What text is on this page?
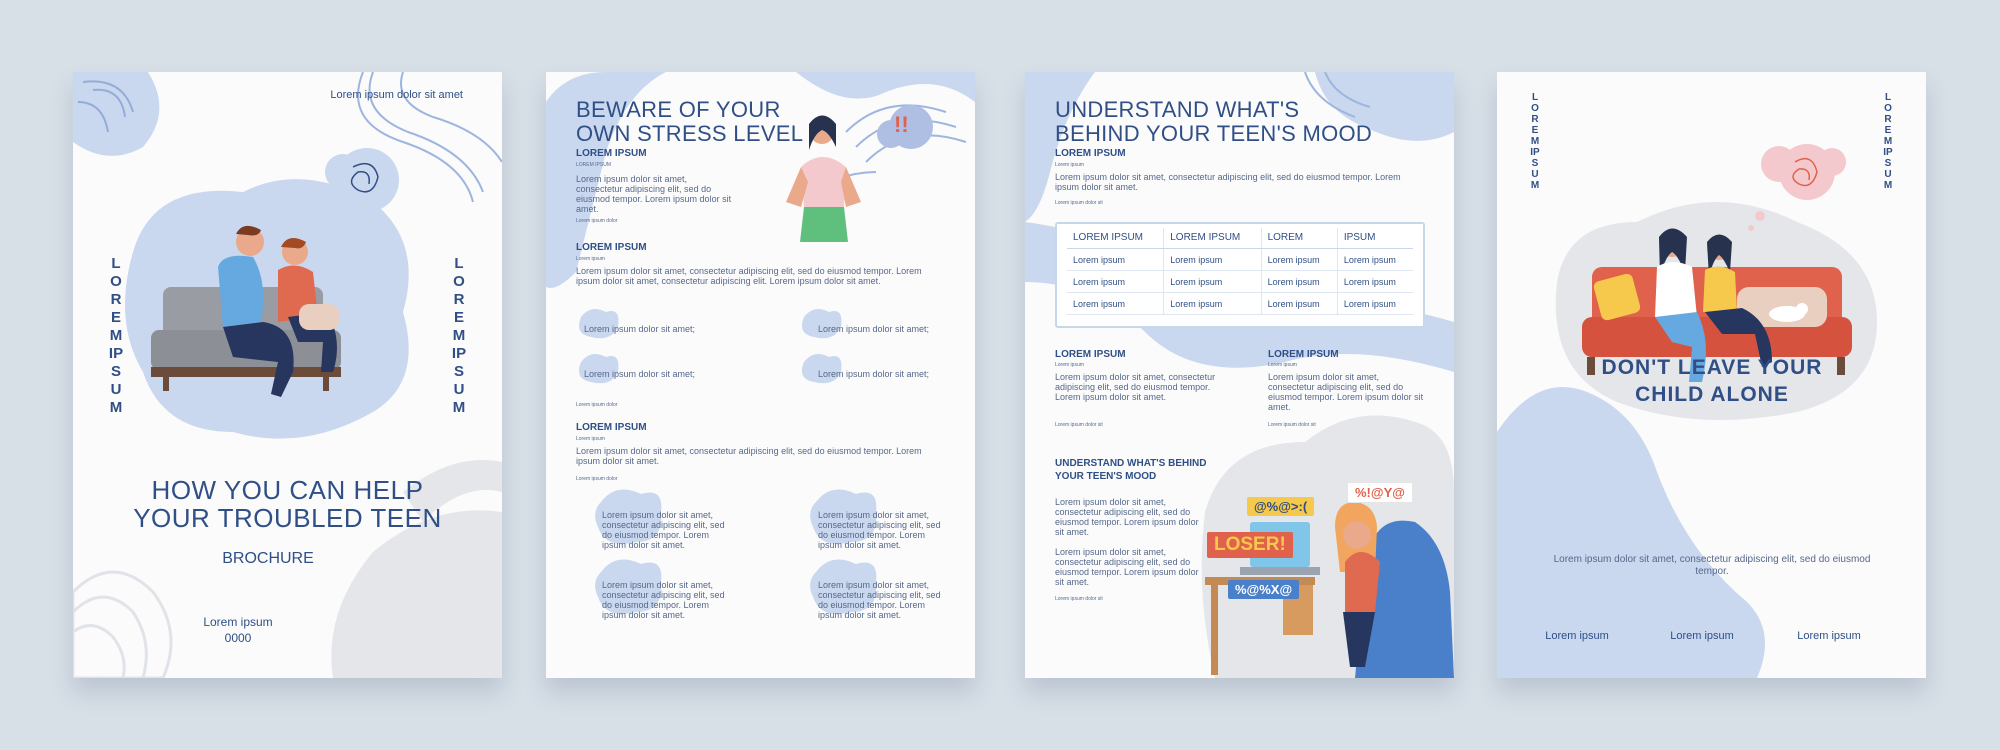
Lorem ipsum dolor sit amet
LOREM IPSUM
LOREM IPSUM
HOW YOU CAN HELP
YOUR TROUBLED TEEN
BROCHURE
Lorem ipsum
0000
!!
BEWARE OF YOUR
OWN STRESS LEVEL
LOREM IPSUM
LOREM IPSUM
Lorem ipsum dolor sit amet, consectetur adipiscing elit, sed do eiusmod tempor. Lorem ipsum dolor sit amet.
Lorem ipsum dolor
LOREM IPSUM
Lorem ipsum
Lorem ipsum dolor sit amet, consectetur adipiscing elit, sed do eiusmod tempor. Lorem ipsum dolor sit amet, consectetur adipiscing elit. Lorem ipsum dolor sit amet.
Lorem ipsum dolor sit amet;
Lorem ipsum dolor sit amet;
Lorem ipsum dolor sit amet;
Lorem ipsum dolor sit amet;
Lorem ipsum dolor
LOREM IPSUM
Lorem ipsum
Lorem ipsum dolor sit amet, consectetur adipiscing elit, sed do eiusmod tempor. Lorem ipsum dolor sit amet.
Lorem ipsum dolor
Lorem ipsum dolor sit amet, consectetur adipiscing elit, sed do eiusmod tempor. Lorem ipsum dolor sit amet.
Lorem ipsum dolor sit amet, consectetur adipiscing elit, sed do eiusmod tempor. Lorem ipsum dolor sit amet.
Lorem ipsum dolor sit amet, consectetur adipiscing elit, sed do eiusmod tempor. Lorem ipsum dolor sit amet.
Lorem ipsum dolor sit amet, consectetur adipiscing elit, sed do eiusmod tempor. Lorem ipsum dolor sit amet.
UNDERSTAND WHAT'S
BEHIND YOUR TEEN'S MOOD
LOREM IPSUM
Lorem ipsum
Lorem ipsum dolor sit amet, consectetur adipiscing elit, sed do eiusmod tempor. Lorem ipsum dolor sit amet.
Lorem ipsum dolor sit
LOREM IPSUM	LOREM IPSUM	LOREM	IPSUM
Lorem ipsum	Lorem ipsum	Lorem ipsum	Lorem ipsum
Lorem ipsum	Lorem ipsum	Lorem ipsum	Lorem ipsum
Lorem ipsum	Lorem ipsum	Lorem ipsum	Lorem ipsum
LOREM IPSUM
Lorem ipsum
Lorem ipsum dolor sit amet, consectetur adipiscing elit, sed do eiusmod tempor. Lorem ipsum dolor sit amet.
Lorem ipsum dolor sit
LOREM IPSUM
Lorem ipsum
Lorem ipsum dolor sit amet, consectetur adipiscing elit, sed do eiusmod tempor. Lorem ipsum dolor sit amet.
Lorem ipsum dolor sit
UNDERSTAND WHAT'S BEHIND
YOUR TEEN'S MOOD
Lorem ipsum dolor sit amet, consectetur adipiscing elit, sed do eiusmod tempor. Lorem ipsum dolor sit amet.
Lorem ipsum dolor sit amet, consectetur adipiscing elit, sed do eiusmod tempor. Lorem ipsum dolor sit amet.
Lorem ipsum dolor sit
@%@>:(
%!@Y@
LOSER!
%@%X@
LOREM IPSUM
LOREM IPSUM
DON'T LEAVE YOUR
CHILD ALONE
Lorem ipsum dolor sit amet, consectetur adipiscing elit, sed do eiusmod tempor.
Lorem ipsum	Lorem ipsum	Lorem ipsum
